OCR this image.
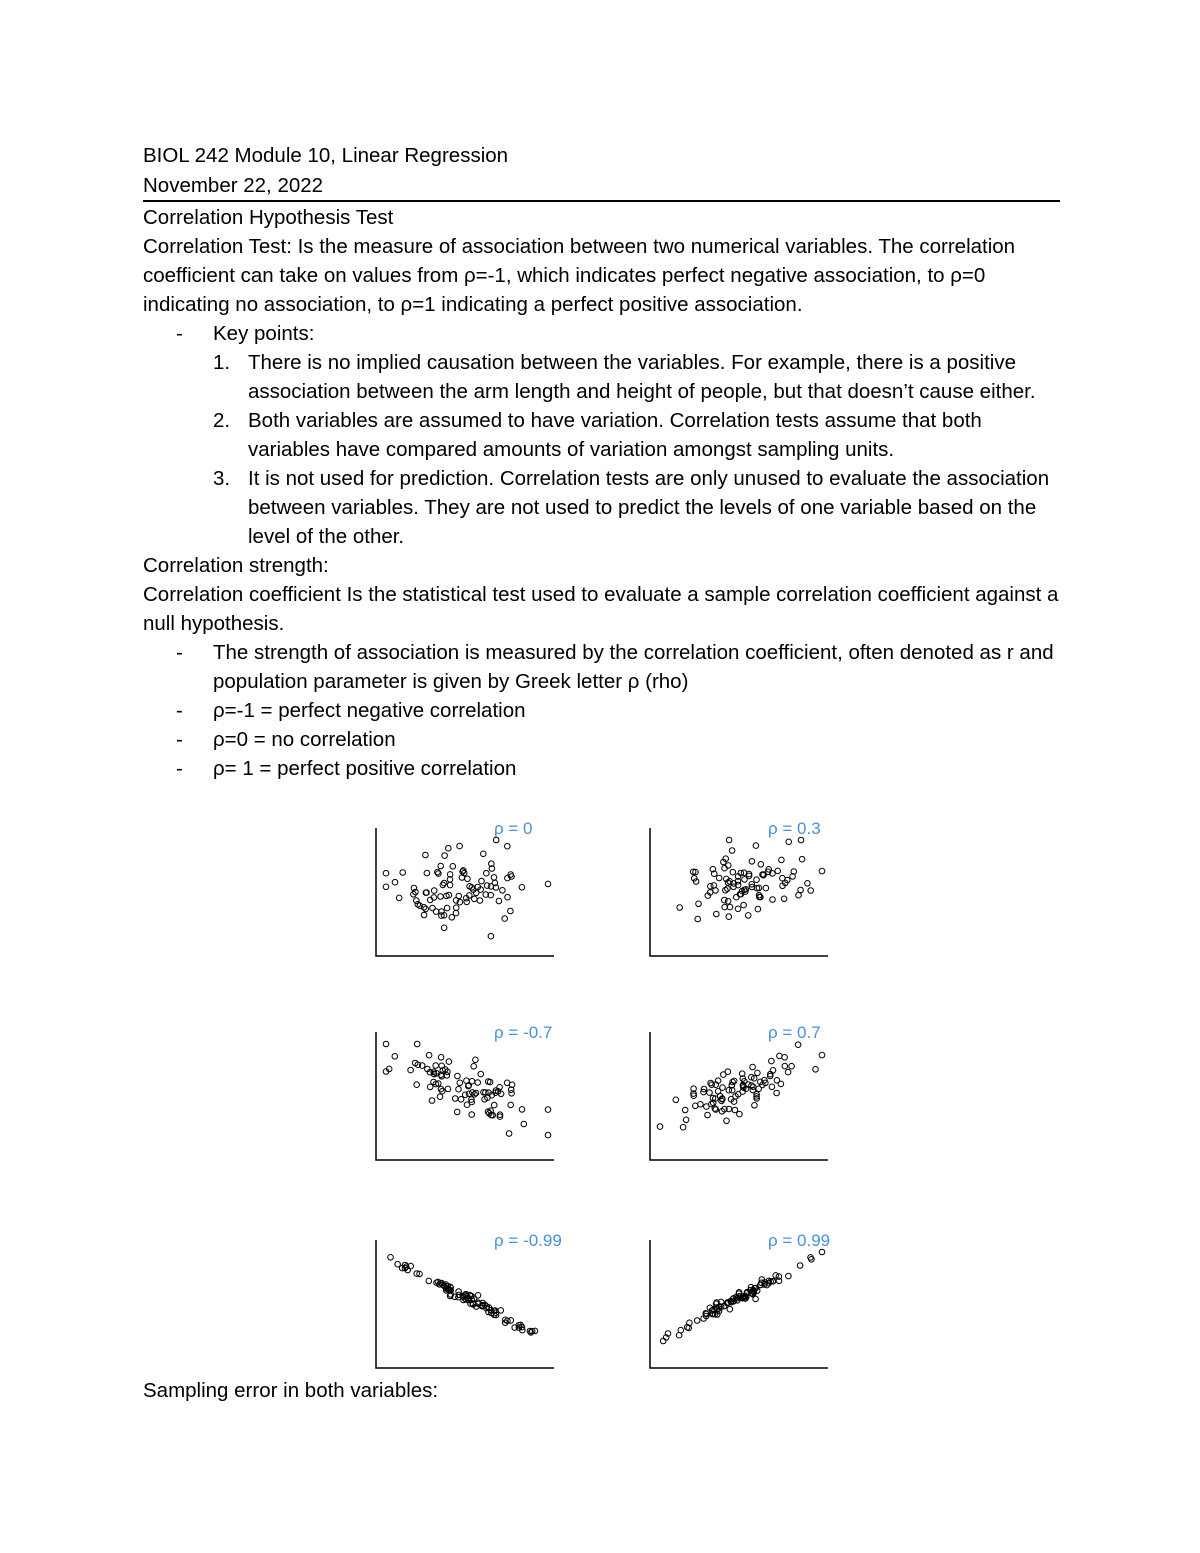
BIOL 242 Module 10, Linear Regression
November 22, 2022
Correlation Hypothesis Test
Correlation Test: Is the measure of association between two numerical variables. The correlation coefficient can take on values from ρ=-1, which indicates perfect negative association, to ρ=0 indicating no association, to ρ=1 indicating a perfect positive association.
- Key points:
1. There is no implied causation between the variables. For example, there is a positive association between the arm length and height of people, but that doesn’t cause either.
2. Both variables are assumed to have variation. Correlation tests assume that both variables have compared amounts of variation amongst sampling units.
3. It is not used for prediction. Correlation tests are only unused to evaluate the association between variables. They are not used to predict the levels of one variable based on the level of the other.
Correlation strength:
Correlation coefficient Is the statistical test used to evaluate a sample correlation coefficient against a null hypothesis.
- The strength of association is measured by the correlation coefficient, often denoted as r and population parameter is given by Greek letter ρ (rho)
- ρ=-1 = perfect negative correlation
- ρ=0 = no correlation
- ρ= 1 = perfect positive correlation
ρ = 0	ρ = 0.3
ρ = -0.7	ρ = 0.7
ρ = -0.99	ρ = 0.99
Sampling error in both variables:
